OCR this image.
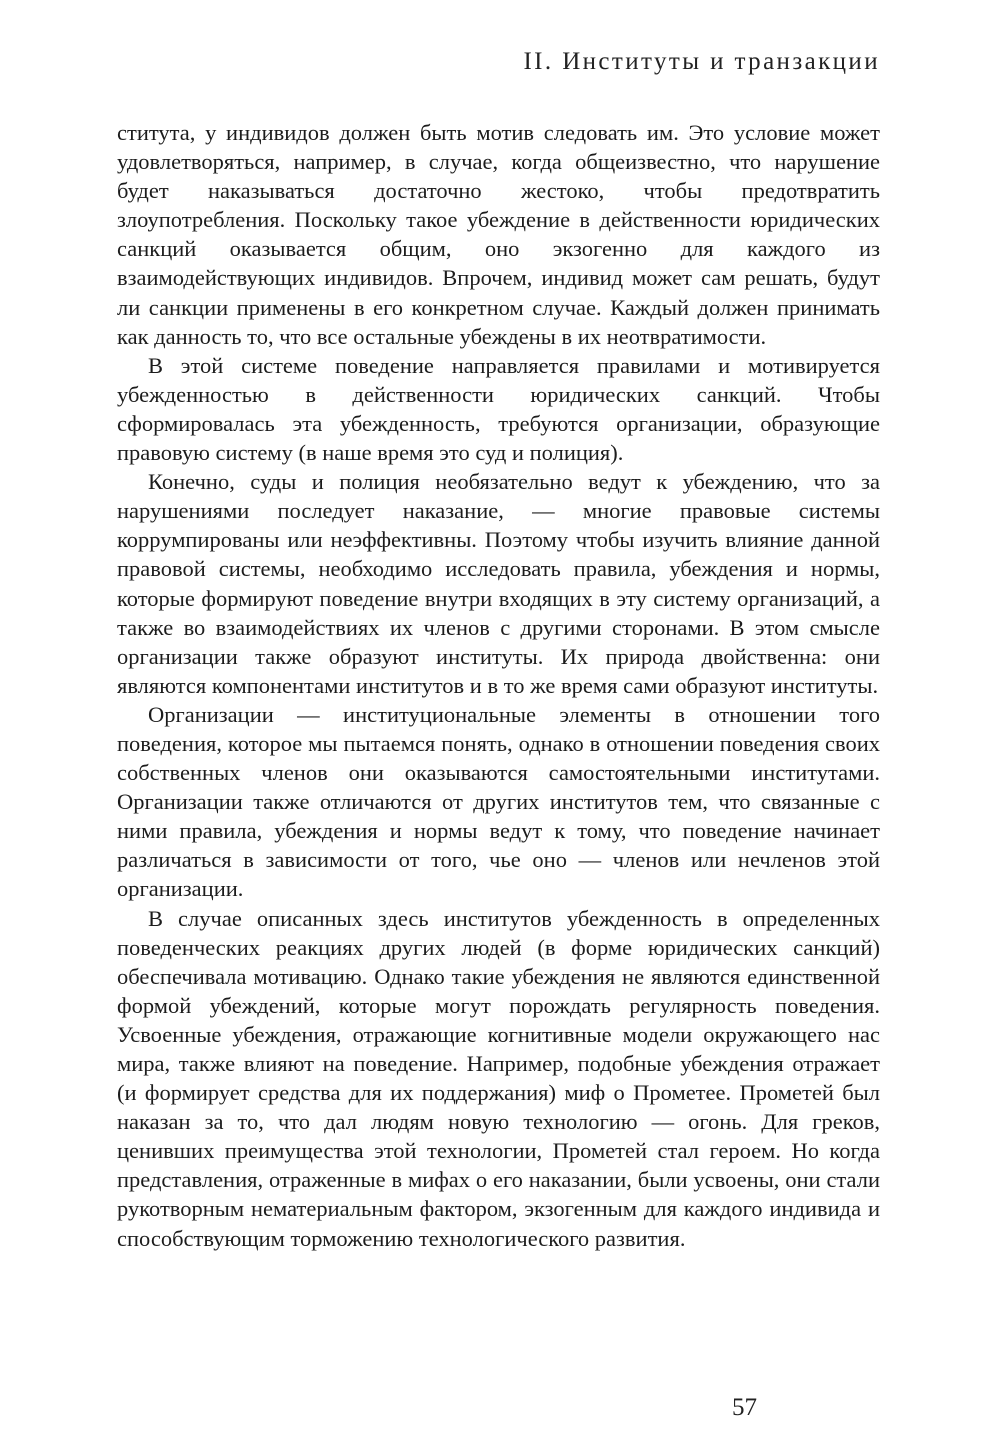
II. Институты и транзакции

ститута, у индивидов должен быть мотив следовать им. Это условие может удовлетворяться, например, в случае, когда общеизвестно, что нарушение будет наказываться достаточно жестоко, чтобы предотвратить злоупотребления. Поскольку такое убеждение в действенности юридических санкций оказывается общим, оно экзогенно для каждого из взаимодействующих индивидов. Впрочем, индивид может сам решать, будут ли санкции применены в его конкретном случае. Каждый должен принимать как данность то, что все остальные убеждены в их неотвратимости.

В этой системе поведение направляется правилами и мотивируется убежденностью в действенности юридических санкций. Чтобы сформировалась эта убежденность, требуются организации, образующие правовую систему (в наше время это суд и полиция).

Конечно, суды и полиция необязательно ведут к убеждению, что за нарушениями последует наказание, — многие правовые системы коррумпированы или неэффективны. Поэтому чтобы изучить влияние данной правовой системы, необходимо исследовать правила, убеждения и нормы, которые формируют поведение внутри входящих в эту систему организаций, а также во взаимодействиях их членов с другими сторонами. В этом смысле организации также образуют институты. Их природа двойственна: они являются компонентами институтов и в то же время сами образуют институты.

Организации — институциональные элементы в отношении того поведения, которое мы пытаемся понять, однако в отношении поведения своих собственных членов они оказываются самостоятельными институтами. Организации также отличаются от других институтов тем, что связанные с ними правила, убеждения и нормы ведут к тому, что поведение начинает различаться в зависимости от того, чье оно — членов или нечленов этой организации.

В случае описанных здесь институтов убежденность в определенных поведенческих реакциях других людей (в форме юридических санкций) обеспечивала мотивацию. Однако такие убеждения не являются единственной формой убеждений, которые могут порождать регулярность поведения. Усвоенные убеждения, отражающие когнитивные модели окружающего нас мира, также влияют на поведение. Например, подобные убеждения отражает (и формирует средства для их поддержания) миф о Прометее. Прометей был наказан за то, что дал людям новую технологию — огонь. Для греков, ценивших преимущества этой технологии, Прометей стал героем. Но когда представления, отраженные в мифах о его наказании, были усвоены, они стали рукотворным нематериальным фактором, экзогенным для каждого индивида и способствующим торможению технологического развития.

57
